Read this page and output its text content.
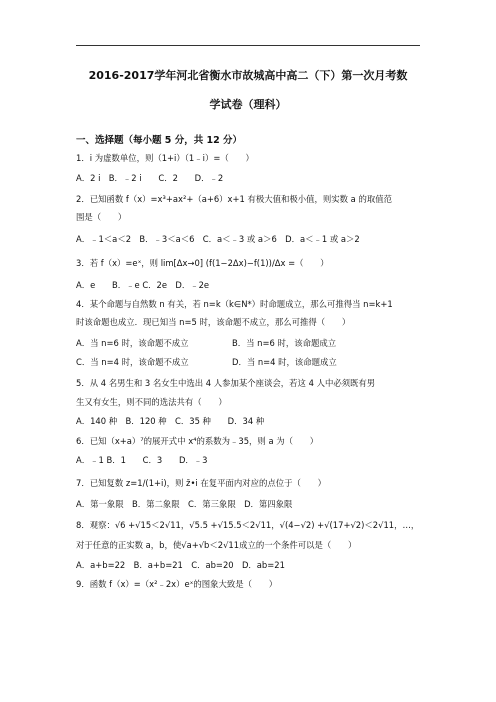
2016-2017学年河北省衡水市故城高中高二（下）第一次月考数
学试卷（理科）
一、选择题（每小题 5 分，共 12 分）
1．i 为虚数单位，则（1+i）（1﹣i）=（　　）
A．2 i　B．﹣2 i　　C．2　　D．﹣2
2．已知函数 f（x）=x³+ax²+（a+6）x+1 有极大值和极小值，则实数 a 的取值范
围是（　　）
A．﹣1＜a＜2　B．﹣3＜a＜6　C．a＜﹣3 或 a＞6　D．a＜﹣1 或 a＞2
3．若 f（x）=eˣ，则 lim[Δx→0] (f(1−2Δx)−f(1))/Δx =（　　）
A．e　　B．﹣e C．2e　D．﹣2e
4．某个命题与自然数 n 有关，若 n=k（k∈N*）时命题成立，那么可推得当 n=k+1
时该命题也成立．现已知当 n=5 时，该命题不成立，那么可推得（　　）
A．当 n=6 时，该命题不成立	B．当 n=6 时，该命题成立
C．当 n=4 时，该命题不成立	D．当 n=4 时，该命题成立
5．从 4 名男生和 3 名女生中选出 4 人参加某个座谈会，若这 4 人中必须既有男
生又有女生，则不同的选法共有（　　）
A．140 种　B．120 种　C．35 种　　D．34 种
6．已知（x+a）⁷的展开式中 x⁴的系数为﹣35，则 a 为（　　）
A．﹣1 B．1　　C．3　　D．﹣3
7．已知复数 z=1/(1+i)，则 z̄•i 在复平面内对应的点位于（　　）
A．第一象限　B．第二象限　C．第三象限　D．第四象限
8．观察：√6 +√15＜2√11，√5.5 +√15.5＜2√11，√(4−√2) +√(17+√2)＜2√11，…，
对于任意的正实数 a，b，使√a+√b＜2√11成立的一个条件可以是（　　）
A．a+b=22　B．a+b=21　C．ab=20　D．ab=21
9．函数 f（x）=（x²﹣2x）eˣ的图象大致是（　　）
